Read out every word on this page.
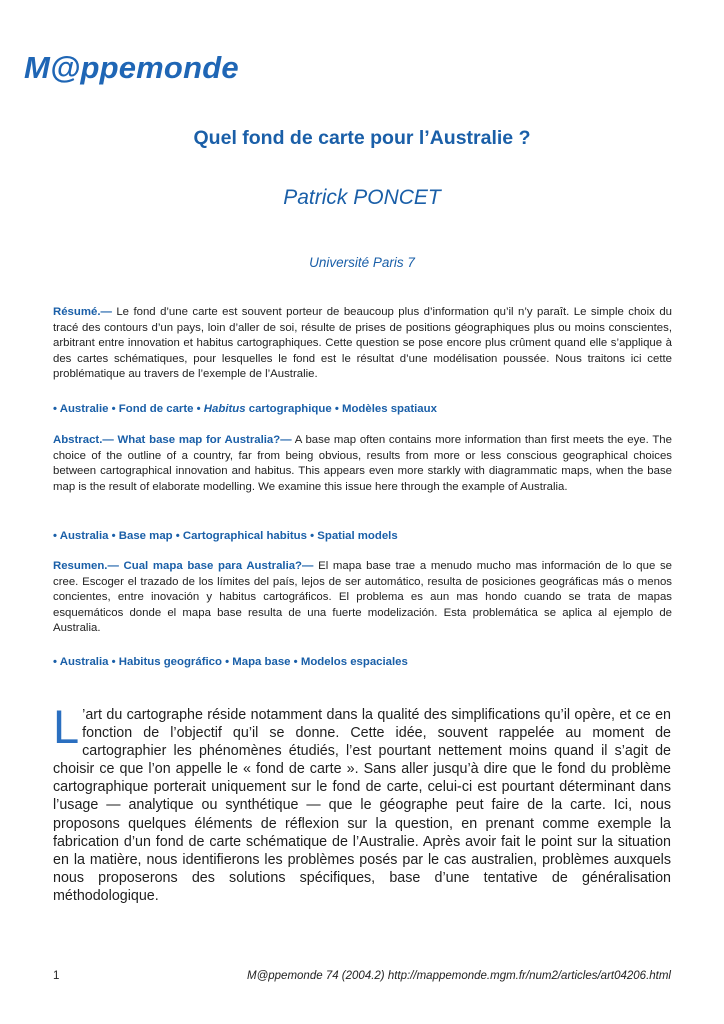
M@ppemonde
Quel fond de carte pour l’Australie ?
Patrick PONCET
Université Paris 7
Résumé.— Le fond d’une carte est souvent porteur de beaucoup plus d’information qu’il n’y paraît. Le simple choix du tracé des contours d’un pays, loin d’aller de soi, résulte de prises de positions géographiques plus ou moins conscientes, arbitrant entre innovation et habitus cartographiques. Cette question se pose encore plus crûment quand elle s’applique à des cartes schématiques, pour lesquelles le fond est le résultat d’une modélisation poussée. Nous traitons ici cette problématique au travers de l’exemple de l’Australie.
• Australie • Fond de carte • Habitus cartographique • Modèles spatiaux
Abstract.— What base map for Australia?— A base map often contains more information than first meets the eye. The choice of the outline of a country, far from being obvious, results from more or less conscious geographical choices between cartographical innovation and habitus. This appears even more starkly with diagrammatic maps, when the base map is the result of elaborate modelling. We examine this issue here through the example of Australia.
• Australia • Base map • Cartographical habitus • Spatial models
Resumen.— Cual mapa base para Australia?— El mapa base trae a menudo mucho mas información de lo que se cree. Escoger el trazado de los límites del país, lejos de ser automático, resulta de posiciones geográficas más o menos concientes, entre inovación y habitus cartográficos. El problema es aun mas hondo cuando se trata de mapas esquemáticos donde el mapa base resulta de una fuerte modelización. Esta problemática se aplica al ejemplo de Australia.
• Australia • Habitus geográfico • Mapa base • Modelos espaciales
L ’art du cartographe réside notamment dans la qualité des simplifications qu’il opère, et ce en fonction de l’objectif qu’il se donne. Cette idée, souvent rappelée au moment de cartographier les phénomènes étudiés, l’est pourtant nettement moins quand il s’agit de choisir ce que l’on appelle le « fond de carte ». Sans aller jusqu’à dire que le fond du problème cartographique porterait uniquement sur le fond de carte, celui-ci est pourtant déterminant dans l’usage — analytique ou synthétique — que le géographe peut faire de la carte. Ici, nous proposons quelques éléments de réflexion sur la question, en prenant comme exemple la fabrication d’un fond de carte schématique de l’Australie. Après avoir fait le point sur la situation en la matière, nous identifierons les problèmes posés par le cas australien, problèmes auxquels nous proposerons des solutions spécifiques, base d’une tentative de généralisation méthodologique.
1	M@ppemonde 74 (2004.2) http://mappemonde.mgm.fr/num2/articles/art04206.html
